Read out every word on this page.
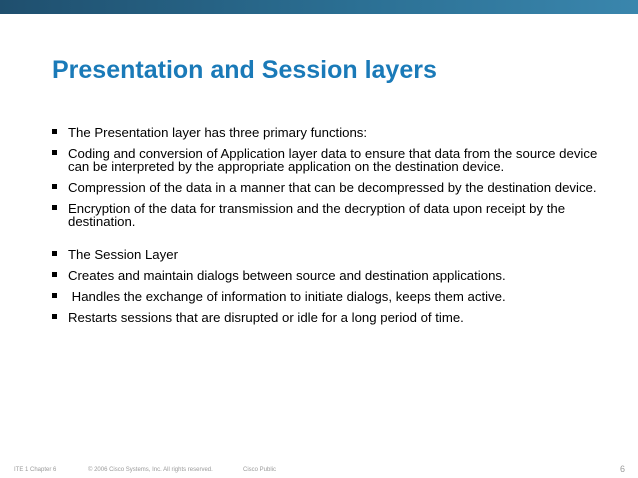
Presentation and Session layers
The Presentation layer has three primary functions:
Coding and conversion of Application layer data to ensure that data from the source device can be interpreted by the appropriate application on the destination device.
Compression of the data in a manner that can be decompressed by the destination device.
Encryption of the data for transmission and the decryption of data upon receipt by the destination.
The Session Layer
Creates and maintain dialogs between source and destination applications.
Handles the exchange of information to initiate dialogs, keeps them active.
Restarts sessions that are disrupted or idle for a long period of time.
ITE 1 Chapter 6	© 2006 Cisco Systems, Inc. All rights reserved.	Cisco Public	6
